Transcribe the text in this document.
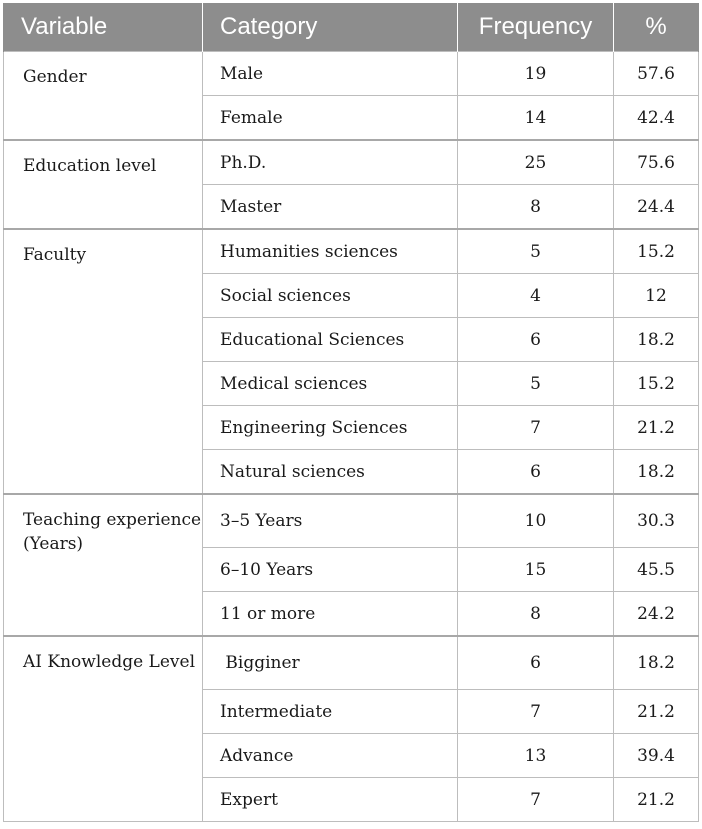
Variable	Category	Frequency	%
Gender	Male	19	57.6
	Female	14	42.4
Education level	Ph.D.	25	75.6
	Master	8	24.4
Faculty	Humanities sciences	5	15.2
	Social sciences	4	12
	Educational Sciences	6	18.2
	Medical sciences	5	15.2
	Engineering Sciences	7	21.2
	Natural sciences	6	18.2
Teaching experience (Years)	3–5 Years	10	30.3
	6–10 Years	15	45.5
	11 or more	8	24.2
AI Knowledge Level	Bigginer	6	18.2
	Intermediate	7	21.2
	Advance	13	39.4
	Expert	7	21.2
